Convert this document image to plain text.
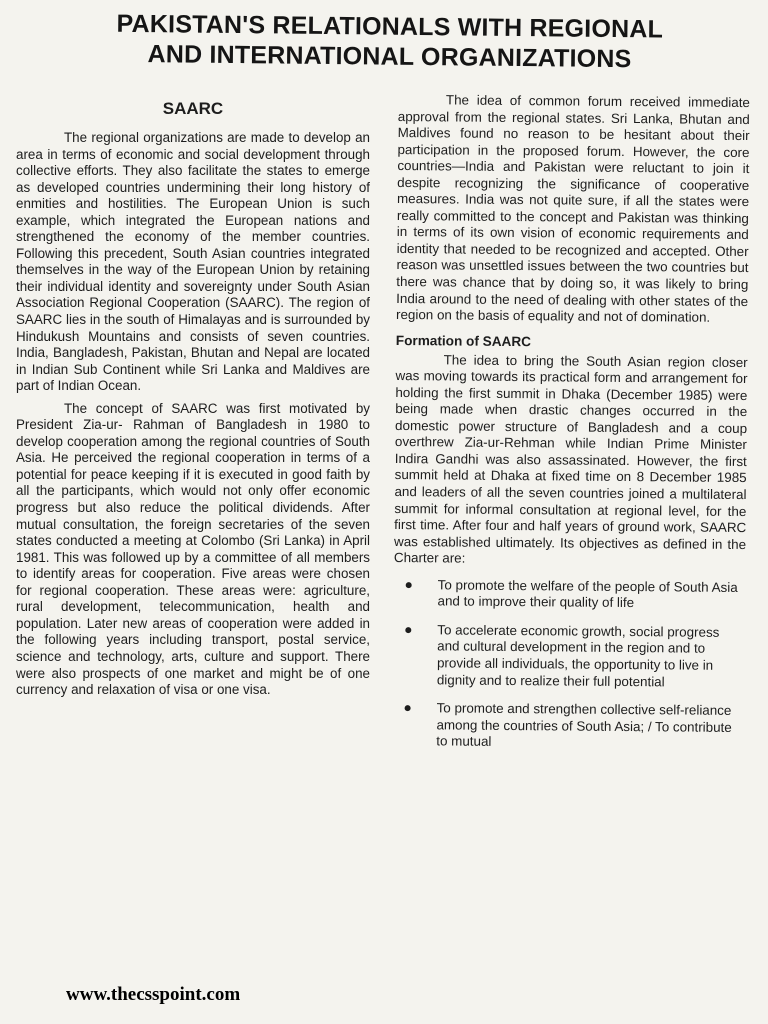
PAKISTAN'S RELATIONALS WITH REGIONAL
AND INTERNATIONAL ORGANIZATIONS
SAARC

The regional organizations are made to develop an area in terms of economic and social development through collective efforts. They also facilitate the states to emerge as developed countries undermining their long history of enmities and hostilities. The European Union is such example, which integrated the European nations and strengthened the economy of the member countries. Following this precedent, South Asian countries integrated themselves in the way of the European Union by retaining their individual identity and sovereignty under South Asian Association Regional Cooperation (SAARC). The region of SAARC lies in the south of Himalayas and is surrounded by Hindukush Mountains and consists of seven countries. India, Bangladesh, Pakistan, Bhutan and Nepal are located in Indian Sub Continent while Sri Lanka and Maldives are part of Indian Ocean.

The concept of SAARC was first motivated by President Zia-ur- Rahman of Bangladesh in 1980 to develop cooperation among the regional countries of South Asia. He perceived the regional cooperation in terms of a potential for peace keeping if it is executed in good faith by all the participants, which would not only offer economic progress but also reduce the political dividends. After mutual consultation, the foreign secretaries of the seven states conducted a meeting at Colombo (Sri Lanka) in April 1981. This was followed up by a committee of all members to identify areas for cooperation. Five areas were chosen for regional cooperation. These areas were: agriculture, rural development, telecommunication, health and population. Later new areas of cooperation were added in the following years including transport, postal service, science and technology, arts, culture and support. There were also prospects of one market and might be of one currency and relaxation of visa or one visa.

The idea of common forum received immediate approval from the regional states. Sri Lanka, Bhutan and Maldives found no reason to be hesitant about their participation in the proposed forum. However, the core countries—India and Pakistan were reluctant to join it despite recognizing the significance of cooperative measures. India was not quite sure, if all the states were really committed to the concept and Pakistan was thinking in terms of its own vision of economic requirements and identity that needed to be recognized and accepted. Other reason was unsettled issues between the two countries but there was chance that by doing so, it was likely to bring India around to the need of dealing with other states of the region on the basis of equality and not of domination.

Formation of SAARC

The idea to bring the South Asian region closer was moving towards its practical form and arrangement for holding the first summit in Dhaka (December 1985) were being made when drastic changes occurred in the domestic power structure of Bangladesh and a coup overthrew Zia-ur-Rehman while Indian Prime Minister Indira Gandhi was also assassinated. However, the first summit held at Dhaka at fixed time on 8 December 1985 and leaders of all the seven countries joined a multilateral summit for informal consultation at regional level, for the first time. After four and half years of ground work, SAARC was established ultimately. Its objectives as defined in the Charter are:

To promote the welfare of the people of South Asia and to improve their quality of life
To accelerate economic growth, social progress and cultural development in the region and to provide all individuals, the opportunity to live in dignity and to realize their full potential
To promote and strengthen collective self-reliance among the countries of South Asia; / To contribute to mutual
www.thecsspoint.com
